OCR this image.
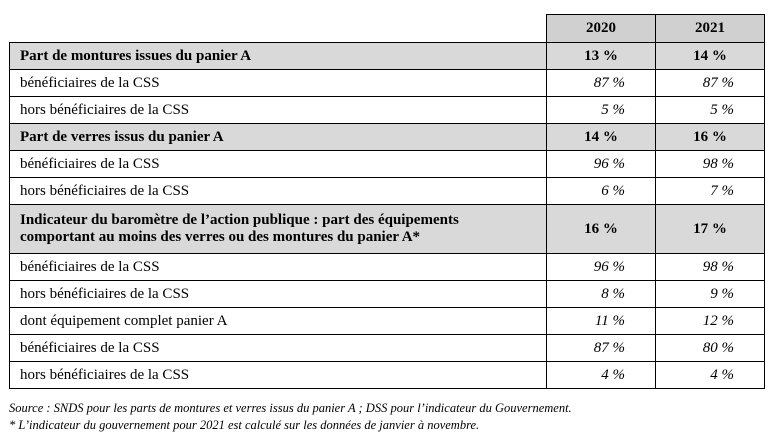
	2020	2021
Part de montures issues du panier A	13 %	14 %
bénéficiaires de la CSS	87 %	87 %
hors bénéficiaires de la CSS	5 %	5 %
Part de verres issus du panier A	14 %	16 %
bénéficiaires de la CSS	96 %	98 %
hors bénéficiaires de la CSS	6 %	7 %
Indicateur du baromètre de l’action publique : part des équipements comportant au moins des verres ou des montures du panier A*	16 %	17 %
bénéficiaires de la CSS	96 %	98 %
hors bénéficiaires de la CSS	8 %	9 %
dont équipement complet panier A	11 %	12 %
bénéficiaires de la CSS	87 %	80 %
hors bénéficiaires de la CSS	4 %	4 %

Source : SNDS pour les parts de montures et verres issus du panier A ; DSS pour l’indicateur du Gouvernement.

* L’indicateur du gouvernement pour 2021 est calculé sur les données de janvier à novembre.
